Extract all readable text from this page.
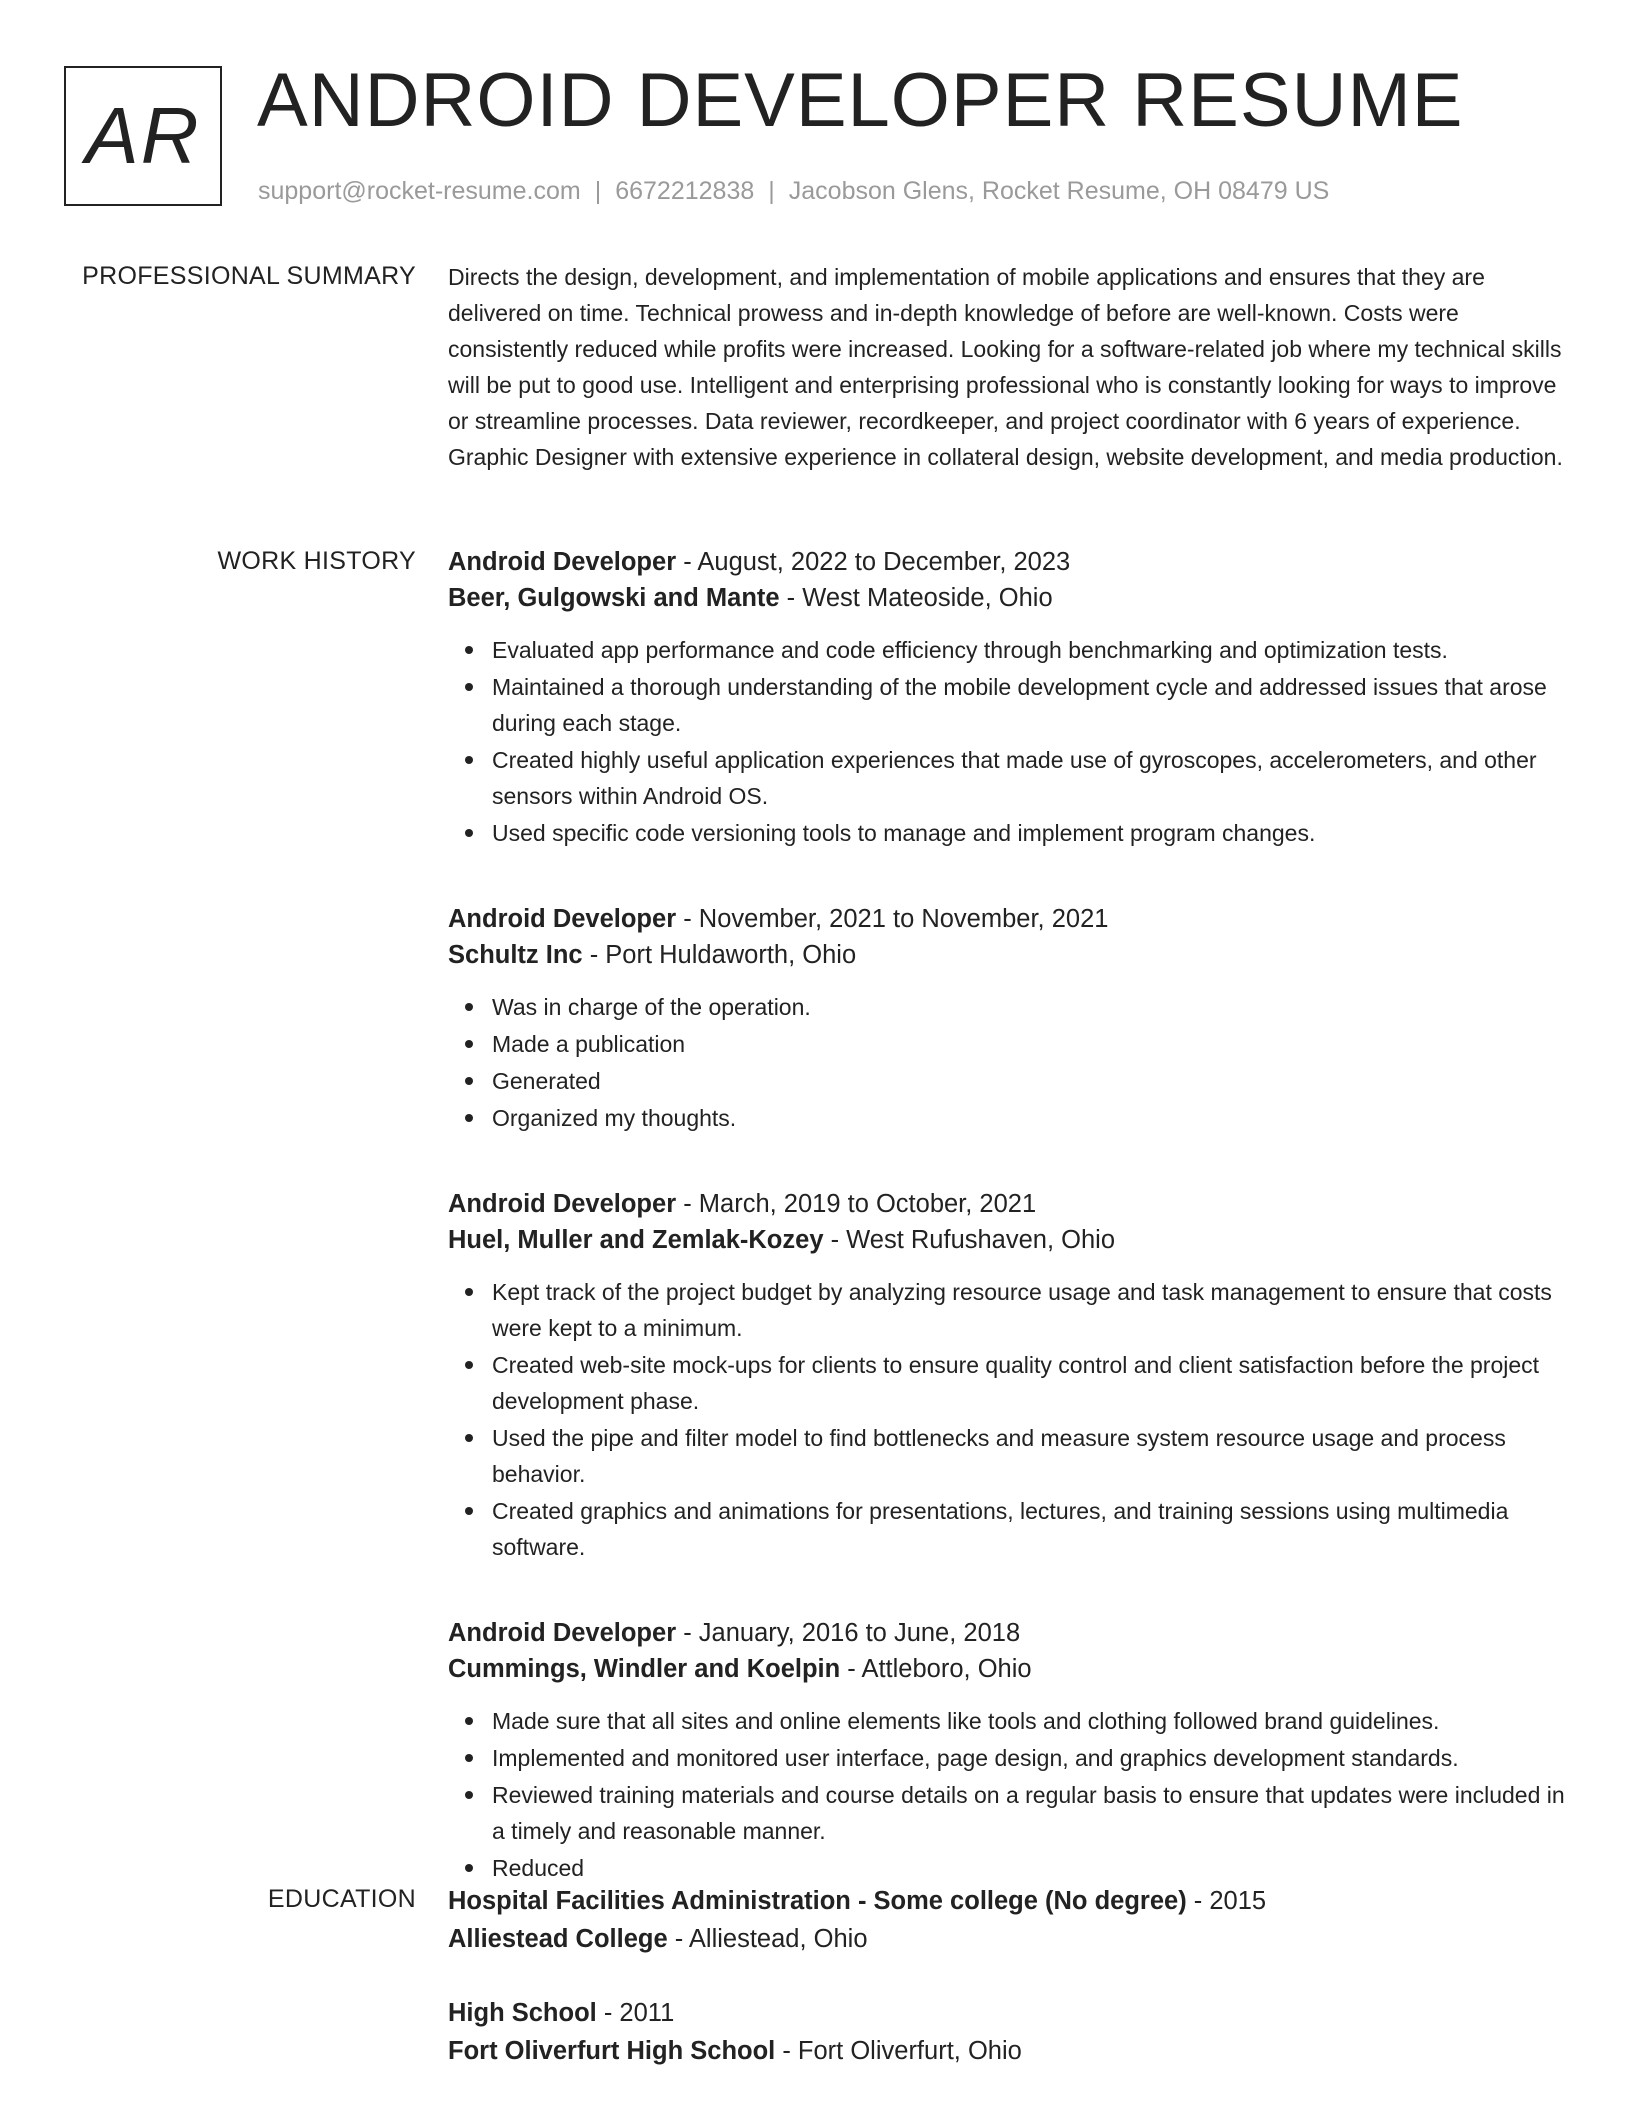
AR ANDROID DEVELOPER RESUME
support@rocket-resume.com | 6672212838 | Jacobson Glens, Rocket Resume, OH 08479 US
PROFESSIONAL SUMMARY Directs the design, development, and implementation of mobile applications and ensures that they are delivered on time. Technical prowess and in-depth knowledge of before are well-known. Costs were consistently reduced while profits were increased. Looking for a software-related job where my technical skills will be put to good use. Intelligent and enterprising professional who is constantly looking for ways to improve or streamline processes. Data reviewer, recordkeeper, and project coordinator with 6 years of experience. Graphic Designer with extensive experience in collateral design, website development, and media production.

WORK HISTORY Android Developer - August, 2022 to December, 2023
Beer, Gulgowski and Mante - West Mateoside, Ohio
Evaluated app performance and code efficiency through benchmarking and optimization tests.
Maintained a thorough understanding of the mobile development cycle and addressed issues that arose during each stage.
Created highly useful application experiences that made use of gyroscopes, accelerometers, and other sensors within Android OS.
Used specific code versioning tools to manage and implement program changes.
Android Developer - November, 2021 to November, 2021
Schultz Inc - Port Huldaworth, Ohio
Was in charge of the operation.
Made a publication
Generated
Organized my thoughts.
Android Developer - March, 2019 to October, 2021
Huel, Muller and Zemlak-Kozey - West Rufushaven, Ohio
Kept track of the project budget by analyzing resource usage and task management to ensure that costs were kept to a minimum.
Created web-site mock-ups for clients to ensure quality control and client satisfaction before the project development phase.
Used the pipe and filter model to find bottlenecks and measure system resource usage and process behavior.
Created graphics and animations for presentations, lectures, and training sessions using multimedia software.
Android Developer - January, 2016 to June, 2018
Cummings, Windler and Koelpin - Attleboro, Ohio
Made sure that all sites and online elements like tools and clothing followed brand guidelines.
Implemented and monitored user interface, page design, and graphics development standards.
Reviewed training materials and course details on a regular basis to ensure that updates were included in a timely and reasonable manner.
Reduced
EDUCATION Hospital Facilities Administration - Some college (No degree) - 2015
Alliestead College - Alliestead, Ohio
High School - 2011
Fort Oliverfurt High School - Fort Oliverfurt, Ohio
